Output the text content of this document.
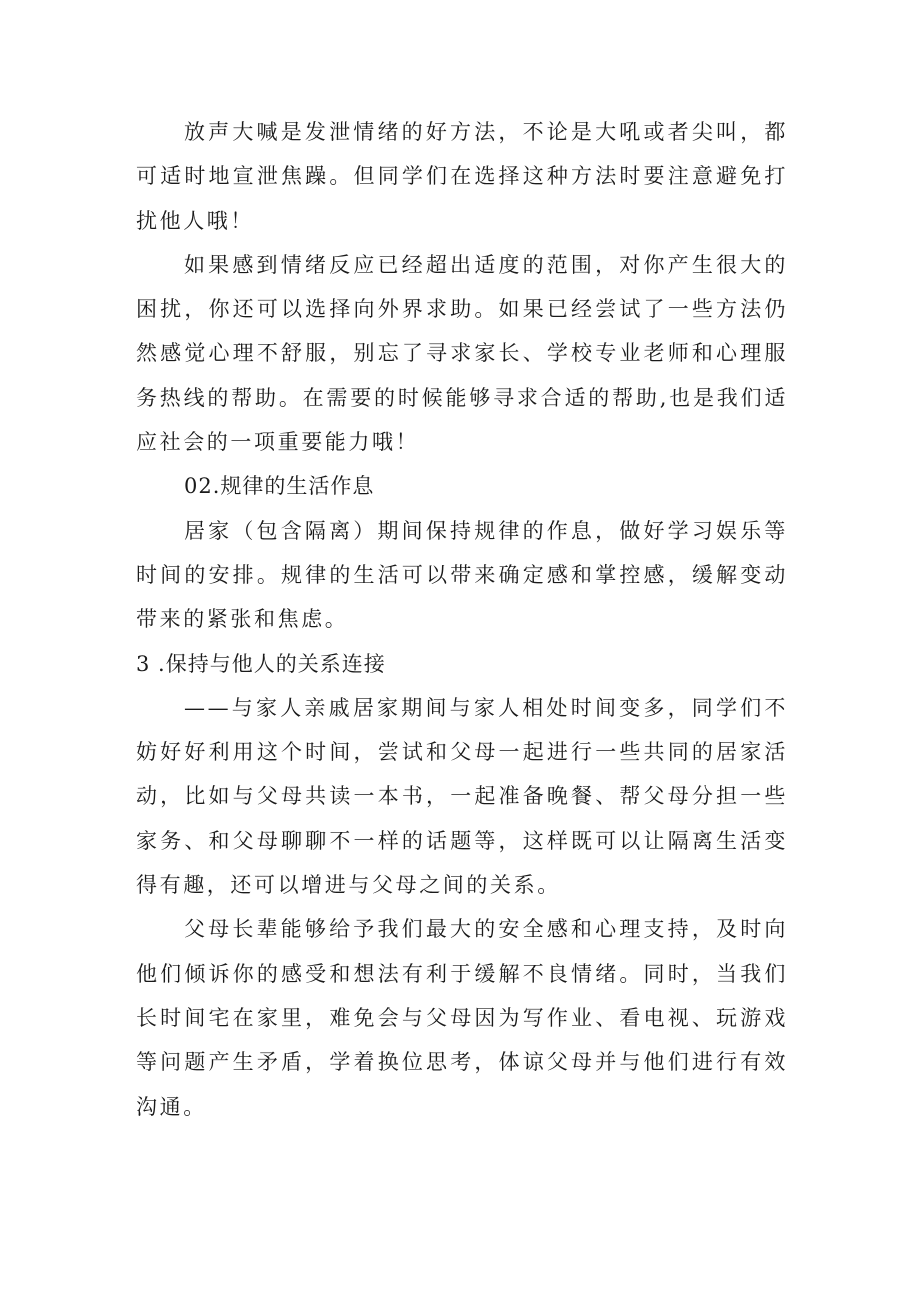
放声大喊是发泄情绪的好方法，不论是大吼或者尖叫，都可适时地宣泄焦躁。但同学们在选择这种方法时要注意避免打扰他人哦！

如果感到情绪反应已经超出适度的范围，对你产生很大的困扰，你还可以选择向外界求助。如果已经尝试了一些方法仍然感觉心理不舒服，别忘了寻求家长、学校专业老师和心理服务热线的帮助。在需要的时候能够寻求合适的帮助,也是我们适应社会的一项重要能力哦！

02.规律的生活作息

居家（包含隔离）期间保持规律的作息，做好学习娱乐等时间的安排。规律的生活可以带来确定感和掌控感，缓解变动带来的紧张和焦虑。

3 .保持与他人的关系连接

——与家人亲戚居家期间与家人相处时间变多，同学们不妨好好利用这个时间，尝试和父母一起进行一些共同的居家活动，比如与父母共读一本书，一起准备晚餐、帮父母分担一些家务、和父母聊聊不一样的话题等，这样既可以让隔离生活变得有趣，还可以增进与父母之间的关系。

父母长辈能够给予我们最大的安全感和心理支持，及时向他们倾诉你的感受和想法有利于缓解不良情绪。同时，当我们长时间宅在家里，难免会与父母因为写作业、看电视、玩游戏等问题产生矛盾，学着换位思考，体谅父母并与他们进行有效沟通。
